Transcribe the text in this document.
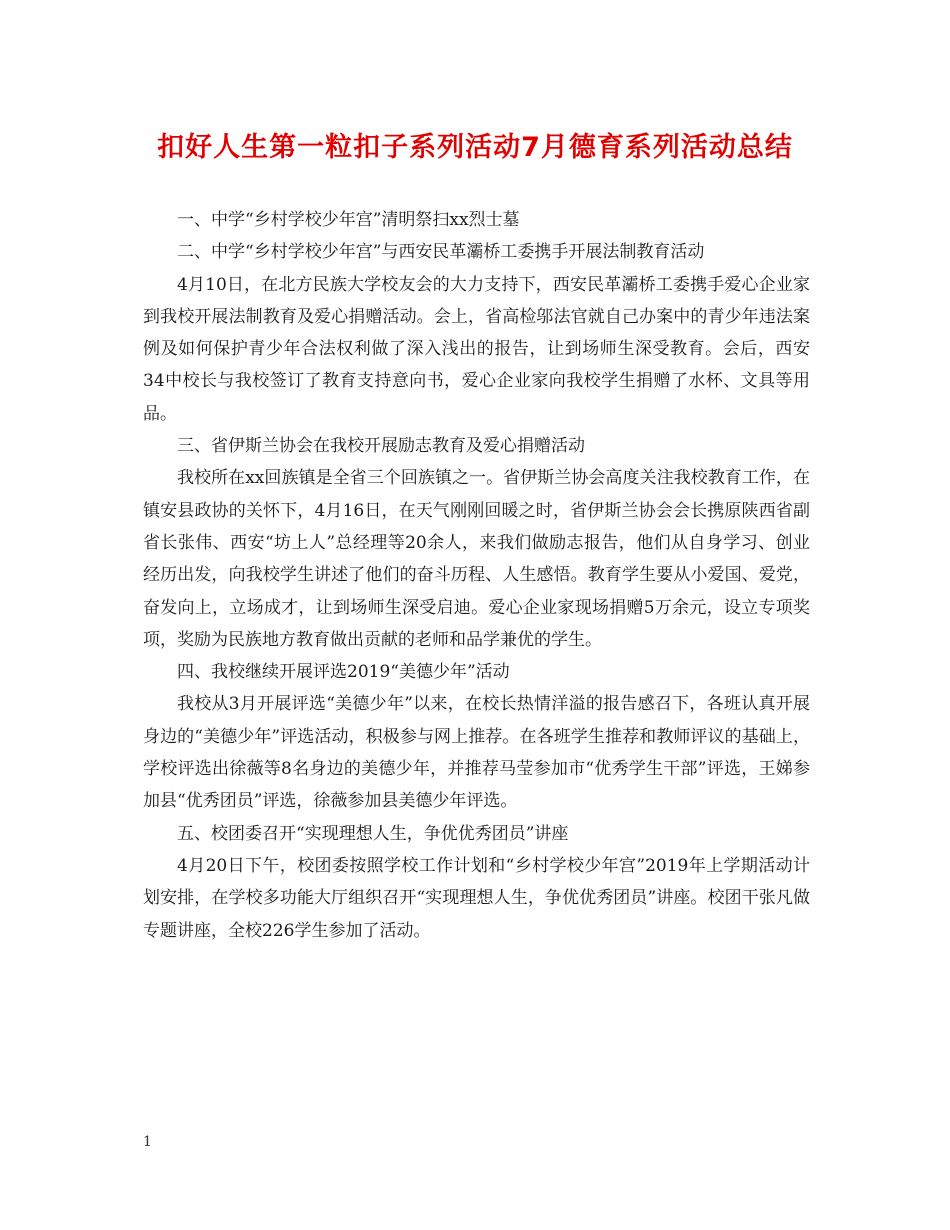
扣好人生第一粒扣子系列活动7月德育系列活动总结

一、中学“乡村学校少年宫”清明祭扫xx烈士墓

二、中学“乡村学校少年宫”与西安民革灞桥工委携手开展法制教育活动

4月10日，在北方民族大学校友会的大力支持下，西安民革灞桥工委携手爱心企业家到我校开展法制教育及爱心捐赠活动。会上，省高检邬法官就自己办案中的青少年违法案例及如何保护青少年合法权利做了深入浅出的报告，让到场师生深受教育。会后，西安34中校长与我校签订了教育支持意向书，爱心企业家向我校学生捐赠了水杯、文具等用品。

三、省伊斯兰协会在我校开展励志教育及爱心捐赠活动

我校所在xx回族镇是全省三个回族镇之一。省伊斯兰协会高度关注我校教育工作，在镇安县政协的关怀下，4月16日，在天气刚刚回暖之时，省伊斯兰协会会长携原陕西省副省长张伟、西安“坊上人”总经理等20余人，来我们做励志报告，他们从自身学习、创业经历出发，向我校学生讲述了他们的奋斗历程、人生感悟。教育学生要从小爱国、爱党，奋发向上，立场成才，让到场师生深受启迪。爱心企业家现场捐赠5万余元，设立专项奖项，奖励为民族地方教育做出贡献的老师和品学兼优的学生。

四、我校继续开展评选2019“美德少年”活动

我校从3月开展评选“美德少年”以来，在校长热情洋溢的报告感召下，各班认真开展身边的“美德少年”评选活动，积极参与网上推荐。在各班学生推荐和教师评议的基础上，学校评选出徐薇等8名身边的美德少年，并推荐马莹参加市“优秀学生干部”评选，王娣参加县“优秀团员”评选，徐薇参加县美德少年评选。

五、校团委召开“实现理想人生，争优优秀团员”讲座

4月20日下午，校团委按照学校工作计划和“乡村学校少年宫”2019年上学期活动计划安排，在学校多功能大厅组织召开“实现理想人生，争优优秀团员”讲座。校团干张凡做专题讲座，全校226学生参加了活动。

1
